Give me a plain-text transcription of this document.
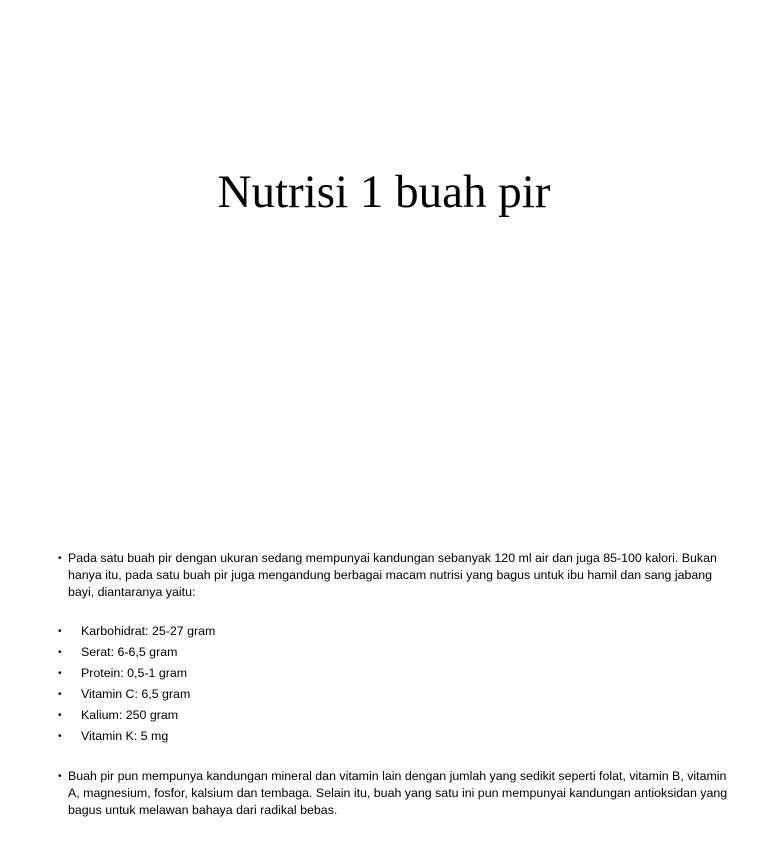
Nutrisi 1 buah pir
• Pada satu buah pir dengan ukuran sedang mempunyai kandungan sebanyak 120 ml air dan juga 85-100 kalori. Bukan hanya itu, pada satu buah pir juga mengandung berbagai macam nutrisi yang bagus untuk ibu hamil dan sang jabang bayi, diantaranya yaitu:
• Karbohidrat: 25-27 gram
• Serat: 6-6,5 gram
• Protein: 0,5-1 gram
• Vitamin C: 6,5 gram
• Kalium: 250 gram
• Vitamin K: 5 mg
• Buah pir pun mempunya kandungan mineral dan vitamin lain dengan jumlah yang sedikit seperti folat, vitamin B, vitamin A, magnesium, fosfor, kalsium dan tembaga. Selain itu, buah yang satu ini pun mempunyai kandungan antioksidan yang bagus untuk melawan bahaya dari radikal bebas.
